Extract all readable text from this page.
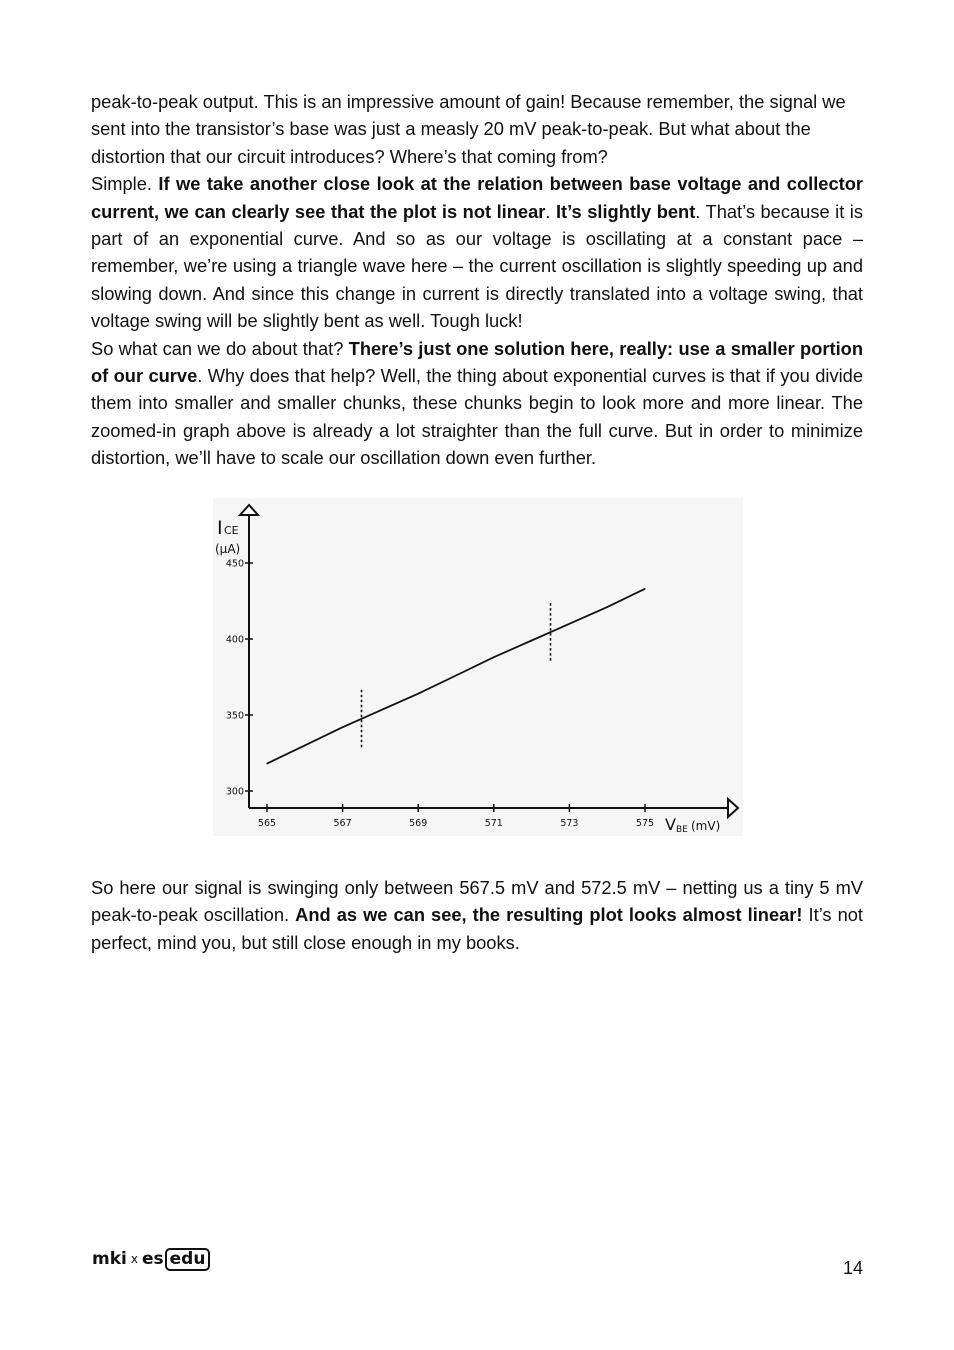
peak-to-peak output. This is an impressive amount of gain! Because remember, the signal we sent into the transistor’s base was just a measly 20 mV peak-to-peak. But what about the distortion that our circuit introduces? Where’s that coming from?

Simple. If we take another close look at the relation between base voltage and collector current, we can clearly see that the plot is not linear. It’s slightly bent. That’s because it is part of an exponential curve. And so as our voltage is oscillating at a constant pace – remember, we’re using a triangle wave here – the current oscillation is slightly speeding up and slowing down. And since this change in current is directly translated into a voltage swing, that voltage swing will be slightly bent as well. Tough luck!

So what can we do about that? There’s just one solution here, really: use a smaller portion of our curve. Why does that help? Well, the thing about exponential curves is that if you divide them into smaller and smaller chunks, these chunks begin to look more and more linear. The zoomed-in graph above is already a lot straighter than the full curve. But in order to minimize distortion, we’ll have to scale our oscillation down even further.

450
400
350
300
565	567	569	571	573	575
I CE
(μA)
V BE (mV)

So here our signal is swinging only between 567.5 mV and 572.5 mV – netting us a tiny 5 mV peak-to-peak oscillation. And as we can see, the resulting plot looks almost linear! It’s not perfect, mind you, but still close enough in my books.

mki x es edu	14
